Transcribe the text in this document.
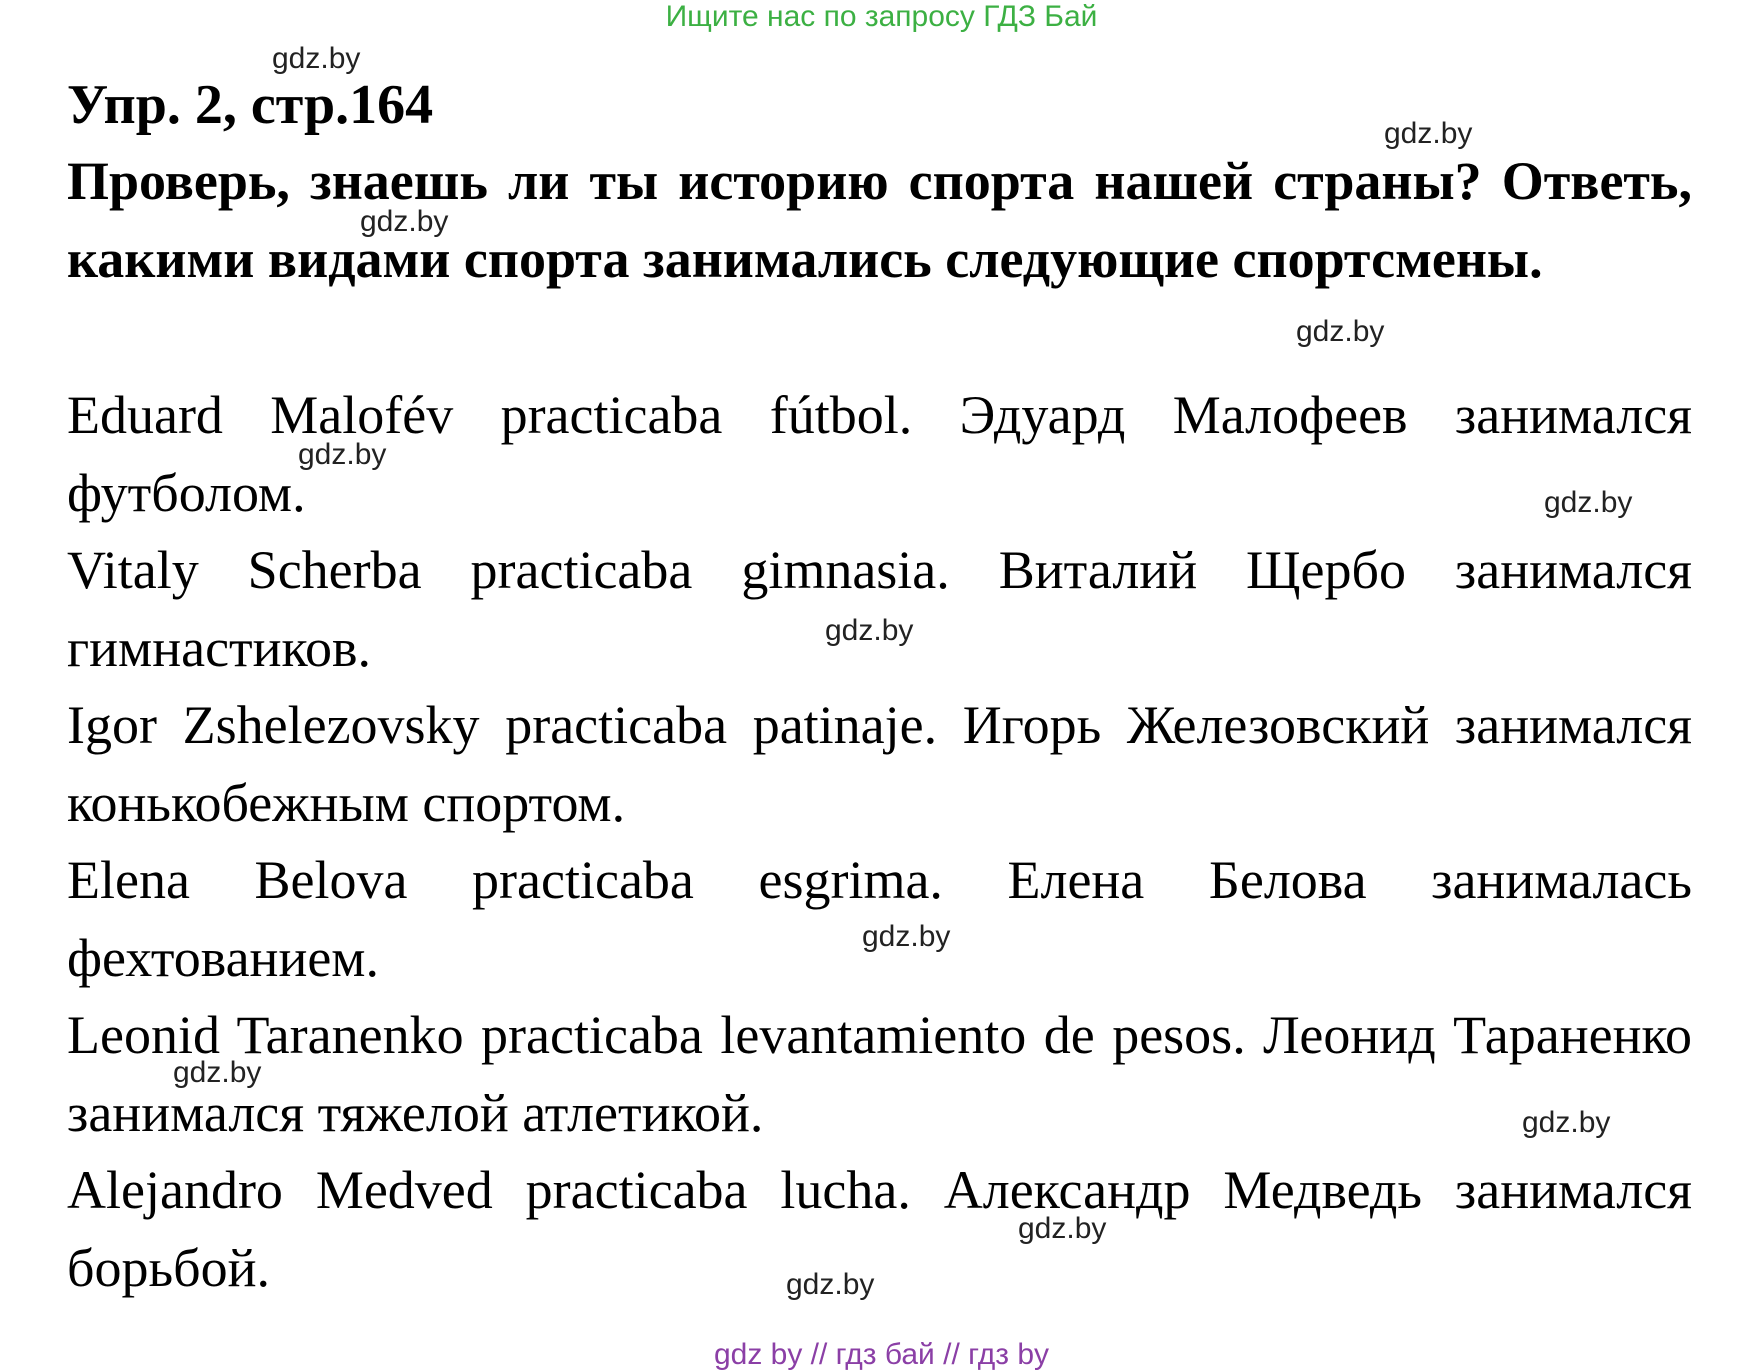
Ищите нас по запросу ГДЗ Бай
Упр. 2, стр.164
Проверь, знаешь ли ты историю спорта нашей страны? Ответь, какими видами спорта занимались следующие спортсмены.
Eduard Malofév practicaba fútbol. Эдуард Малофеев занимался футболом.
Vitaly Scherba practicaba gimnasia. Виталий Щербо занимался гимнастиков.
Igor Zshelezovsky practicaba patinaje. Игорь Железовский занимался конькобежным спортом.
Elena Belova practicaba esgrima. Елена Белова занималась фехтованием.
Leonid Taranenko practicaba levantamiento de pesos. Леонид Тараненко занимался тяжелой атлетикой.
Alejandro Medved practicaba lucha. Александр Медведь занимался борьбой.
gdz.by
gdz.by
gdz.by
gdz.by
gdz.by
gdz.by
gdz.by
gdz.by
gdz.by
gdz.by
gdz.by
gdz.by
gdz by // гдз бай // гдз by
